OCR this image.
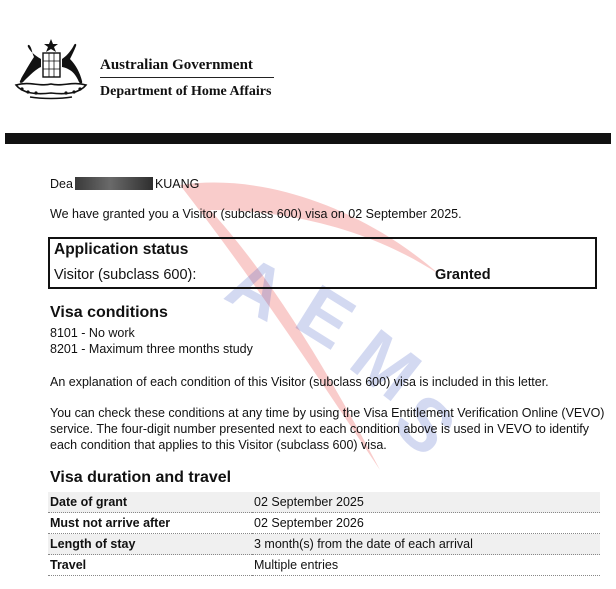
Australian Government
Department of Home Affairs
A
E
M
S
Dea	KUANG
We have granted you a Visitor (subclass 600) visa on 02 September 2025.
Application status
Visitor (subclass 600):	Granted
Visa conditions
8101 - No work
8201 - Maximum three months study
An explanation of each condition of this Visitor (subclass 600) visa is included in this letter.
You can check these conditions at any time by using the Visa Entitlement Verification Online (VEVO) service. The four-digit number presented next to each condition above is used in VEVO to identify each condition that applies to this Visitor (subclass 600) visa.
Visa duration and travel
Date of grant	02 September 2025
Must not arrive after	02 September 2026
Length of stay	3 month(s) from the date of each arrival
Travel	Multiple entries
